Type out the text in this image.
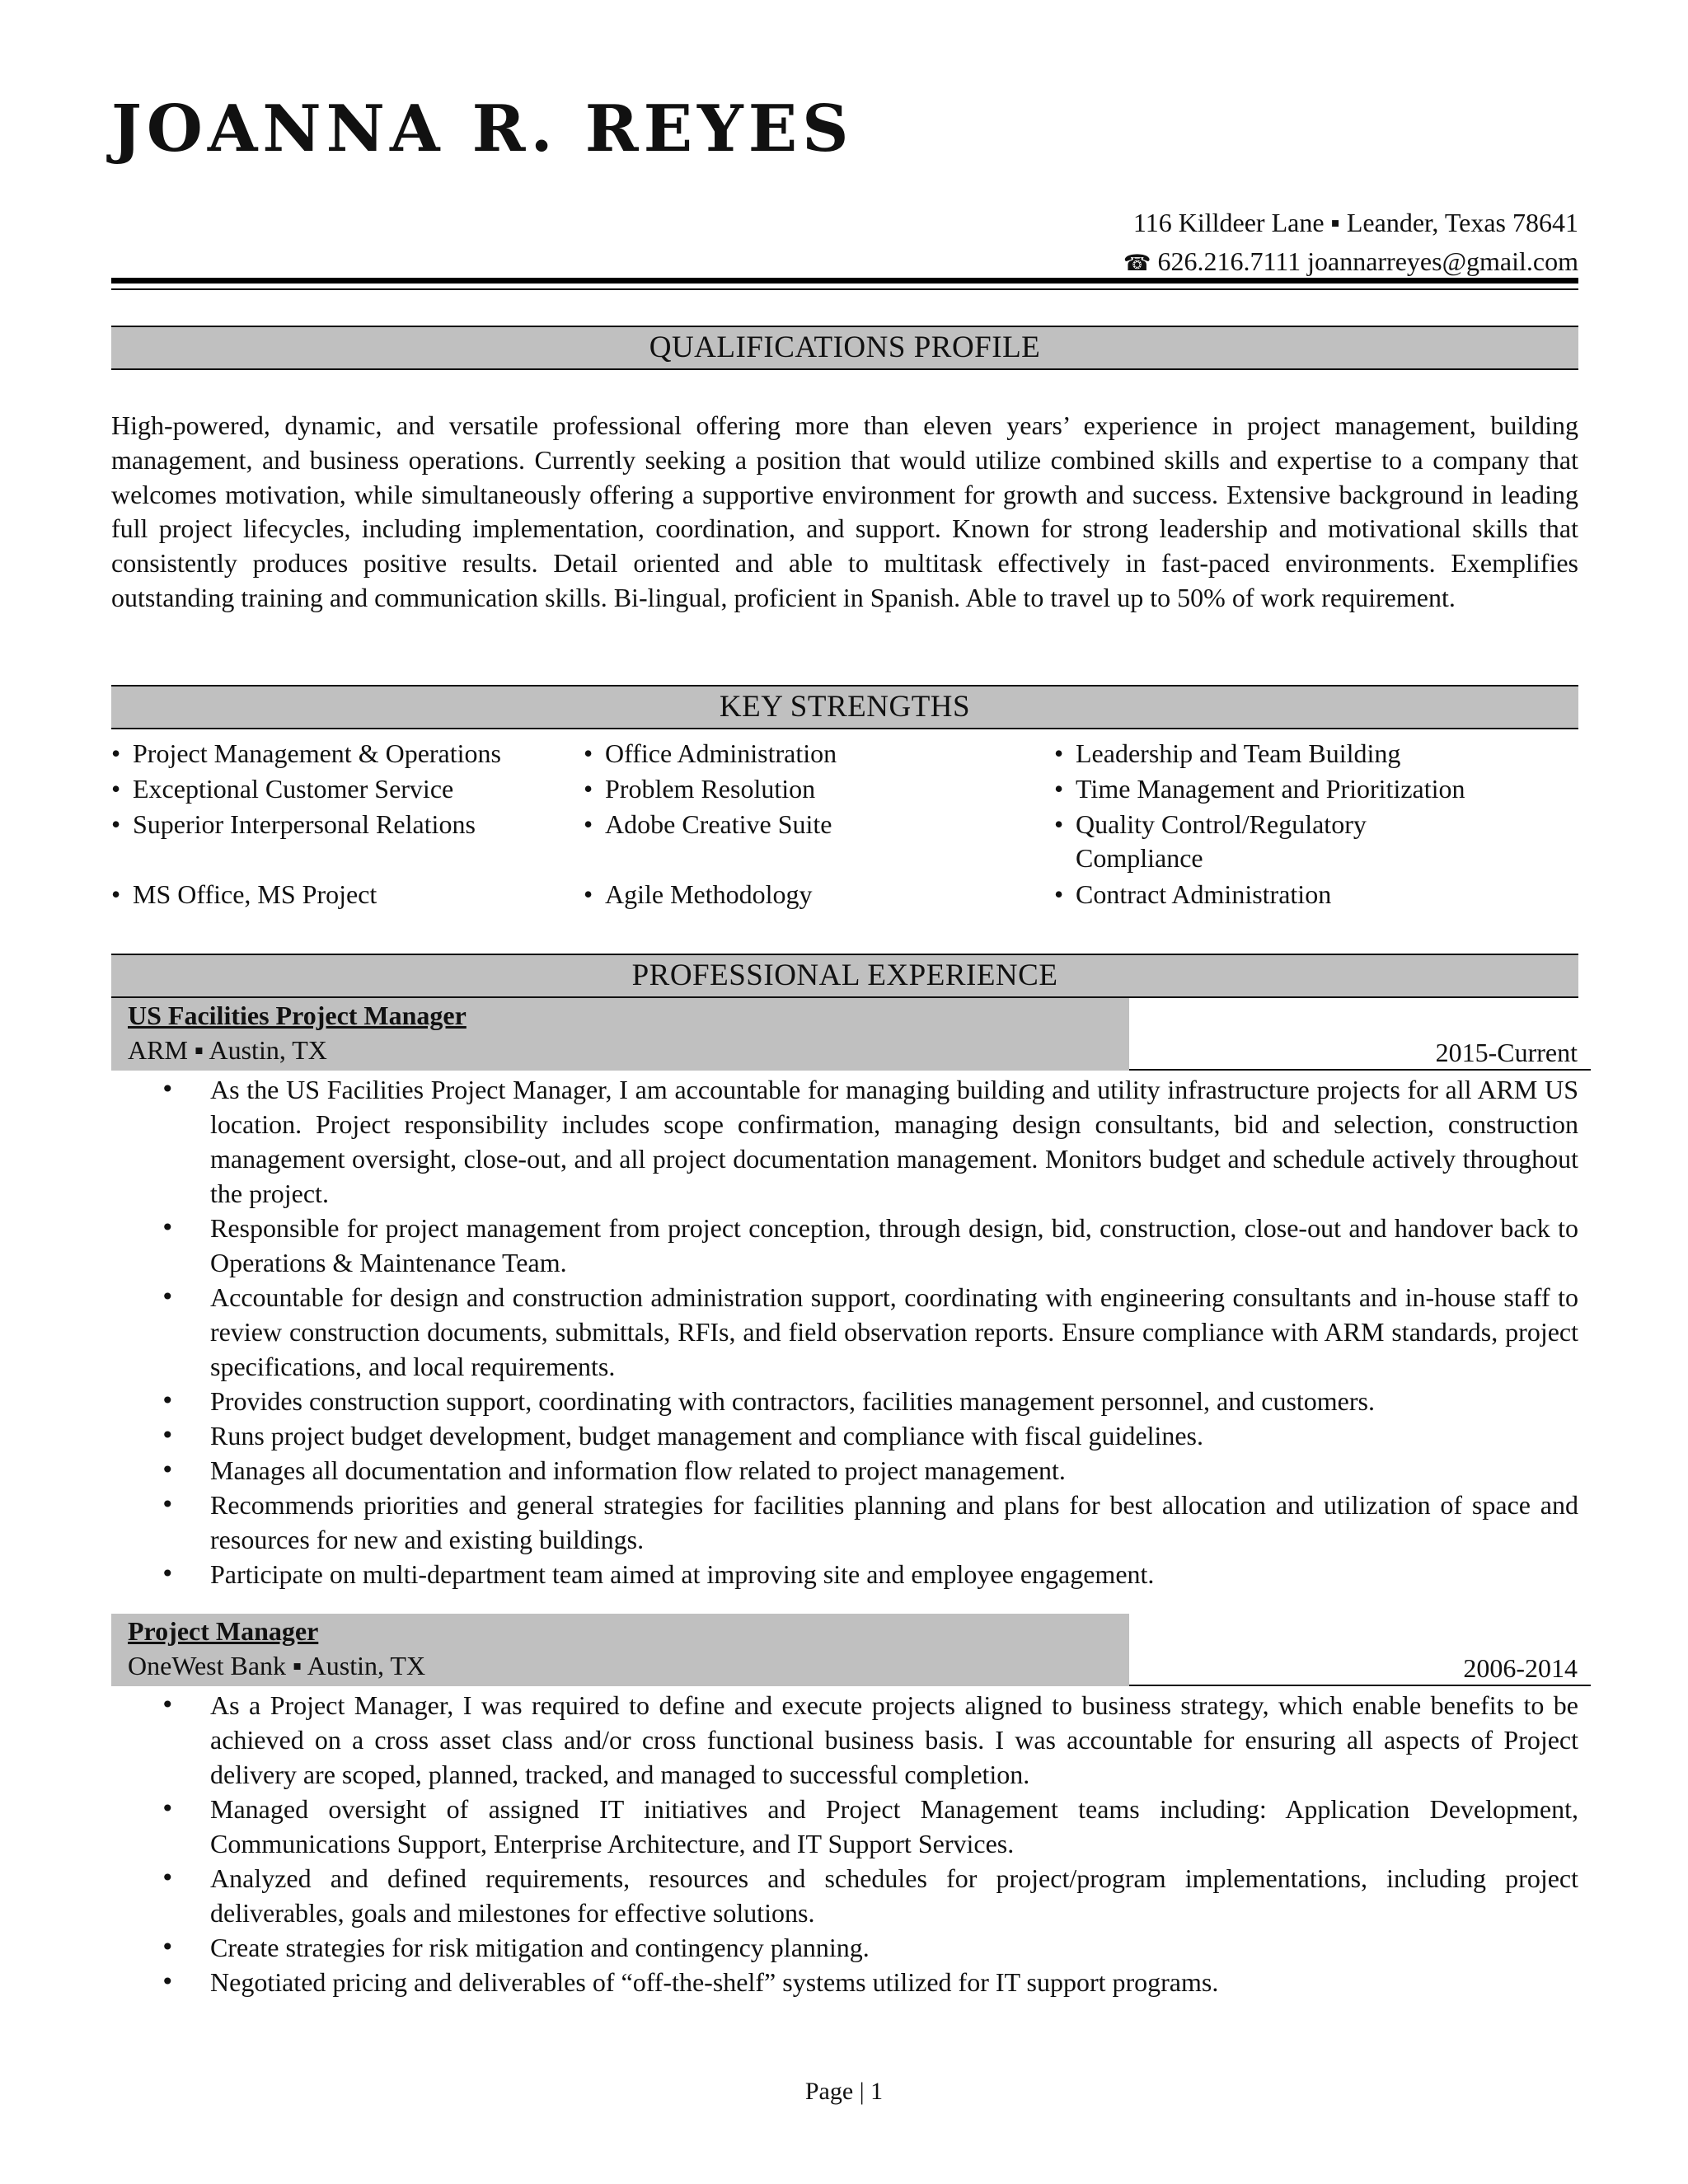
JOANNA R. REYES
116 Killdeer Lane ▪ Leander, Texas 78641
☎ 626.216.7111 joannarreyes@gmail.com
QUALIFICATIONS PROFILE

High-powered, dynamic, and versatile professional offering more than eleven years’ experience in project management, building management, and business operations. Currently seeking a position that would utilize combined skills and expertise to a company that welcomes motivation, while simultaneously offering a supportive environment for growth and success. Extensive background in leading full project lifecycles, including implementation, coordination, and support. Known for strong leadership and motivational skills that consistently produces positive results. Detail oriented and able to multitask effectively in fast-paced environments. Exemplifies outstanding training and communication skills. Bi-lingual, proficient in Spanish. Able to travel up to 50% of work requirement.

KEY STRENGTHS
• Project Management & Operations
• Exceptional Customer Service
• Superior Interpersonal Relations
• MS Office, MS Project
• Office Administration
• Problem Resolution
• Adobe Creative Suite
• Agile Methodology
• Leadership and Team Building
• Time Management and Prioritization
• Quality Control/Regulatory Compliance
• Contract Administration
PROFESSIONAL EXPERIENCE
US Facilities Project Manager
ARM ▪ Austin, TX	2015-Current
• As the US Facilities Project Manager, I am accountable for managing building and utility infrastructure projects for all ARM US location. Project responsibility includes scope confirmation, managing design consultants, bid and selection, construction management oversight, close-out, and all project documentation management. Monitors budget and schedule actively throughout the project.
• Responsible for project management from project conception, through design, bid, construction, close-out and handover back to Operations & Maintenance Team.
• Accountable for design and construction administration support, coordinating with engineering consultants and in-house staff to review construction documents, submittals, RFIs, and field observation reports. Ensure compliance with ARM standards, project specifications, and local requirements.
• Provides construction support, coordinating with contractors, facilities management personnel, and customers.
• Runs project budget development, budget management and compliance with fiscal guidelines.
• Manages all documentation and information flow related to project management.
• Recommends priorities and general strategies for facilities planning and plans for best allocation and utilization of space and resources for new and existing buildings.
• Participate on multi-department team aimed at improving site and employee engagement.
Project Manager
OneWest Bank ▪ Austin, TX	2006-2014
• As a Project Manager, I was required to define and execute projects aligned to business strategy, which enable benefits to be achieved on a cross asset class and/or cross functional business basis. I was accountable for ensuring all aspects of Project delivery are scoped, planned, tracked, and managed to successful completion.
• Managed oversight of assigned IT initiatives and Project Management teams including: Application Development, Communications Support, Enterprise Architecture, and IT Support Services.
• Analyzed and defined requirements, resources and schedules for project/program implementations, including project deliverables, goals and milestones for effective solutions.
• Create strategies for risk mitigation and contingency planning.
• Negotiated pricing and deliverables of “off-the-shelf” systems utilized for IT support programs.
Page | 1
